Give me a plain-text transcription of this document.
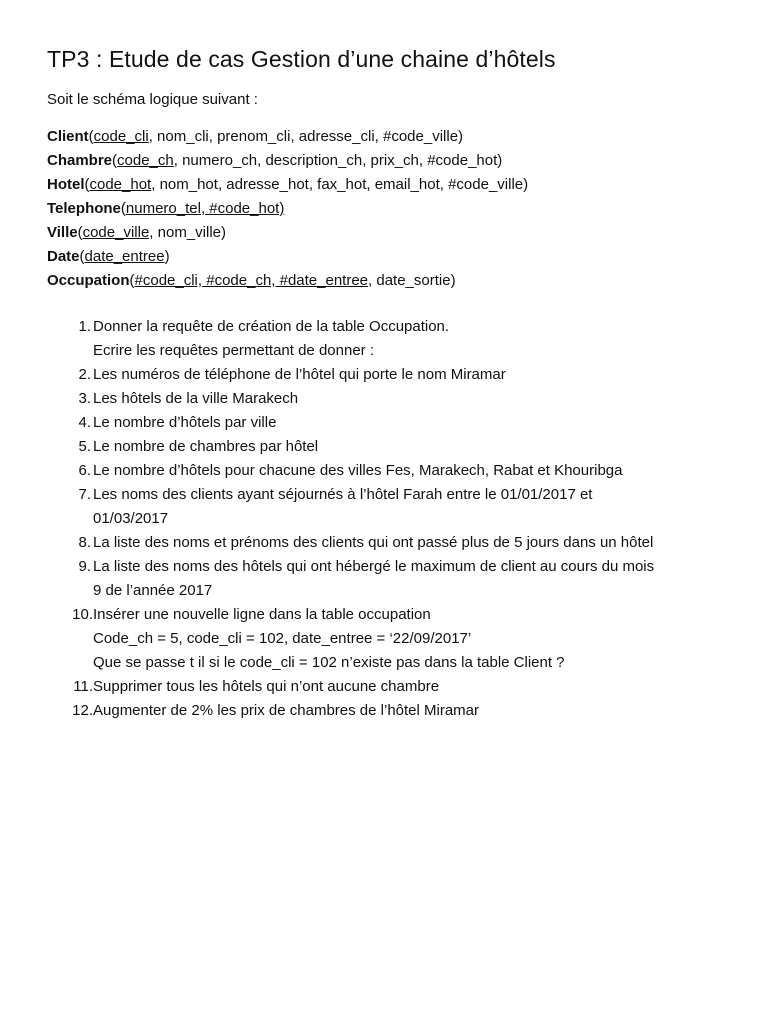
TP3 : Etude de cas Gestion d’une chaine d’hôtels

Soit le schéma logique suivant :

Client(code_cli, nom_cli, prenom_cli, adresse_cli, #code_ville)
Chambre(code_ch, numero_ch, description_ch, prix_ch, #code_hot)
Hotel(code_hot, nom_hot, adresse_hot, fax_hot, email_hot, #code_ville)
Telephone(numero_tel, #code_hot)
Ville(code_ville, nom_ville)
Date(date_entree)
Occupation(#code_cli, #code_ch, #date_entree, date_sortie)
1. Donner la requête de création de la table Occupation.
Ecrire les requêtes permettant de donner :
2. Les numéros de téléphone de l’hôtel qui porte le nom Miramar
3. Les hôtels de la ville Marakech
4. Le nombre d’hôtels par ville
5. Le nombre de chambres par hôtel
6. Le nombre d’hôtels pour chacune des villes Fes, Marakech, Rabat et Khouribga
7. Les noms des clients ayant séjournés à l’hôtel Farah entre le 01/01/2017 et
01/03/2017
8. La liste des noms et prénoms des clients qui ont passé plus de 5 jours dans un hôtel
9. La liste des noms des hôtels qui ont hébergé le maximum de client au cours du mois
9 de l’année 2017
10. Insérer une nouvelle ligne dans la table occupation
Code_ch = 5, code_cli = 102, date_entree = ‘22/09/2017’
Que se passe t il si le code_cli = 102 n’existe pas dans la table Client ?
11. Supprimer tous les hôtels qui n’ont aucune chambre
12. Augmenter de 2% les prix de chambres de l’hôtel Miramar
